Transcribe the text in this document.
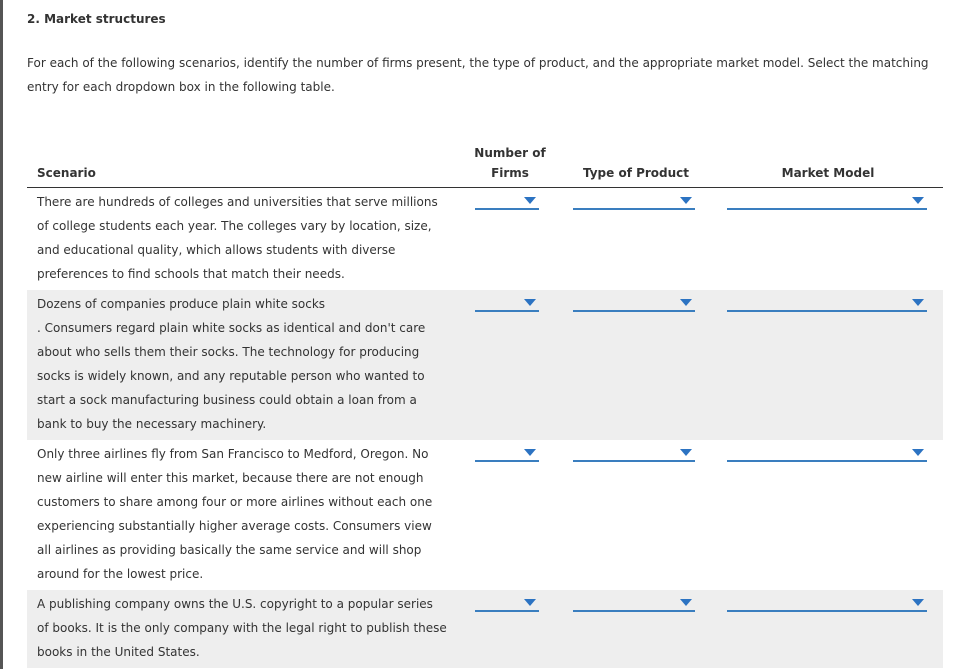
2. Market structures
For each of the following scenarios, identify the number of firms present, the type of product, and the appropriate market model. Select the matching entry for each dropdown box in the following table.
Scenario
Number of
Firms	Type of Product	Market Model
There are hundreds of colleges and universities that serve millions of college students each year. The colleges vary by location, size, and educational quality, which allows students with diverse preferences to find schools that match their needs.
Dozens of companies produce plain white socks
. Consumers regard plain white socks as identical and don't care about who sells them their socks. The technology for producing socks is widely known, and any reputable person who wanted to start a sock manufacturing business could obtain a loan from a bank to buy the necessary machinery.
Only three airlines fly from San Francisco to Medford, Oregon. No new airline will enter this market, because there are not enough customers to share among four or more airlines without each one experiencing substantially higher average costs. Consumers view all airlines as providing basically the same service and will shop around for the lowest price.
A publishing company owns the U.S. copyright to a popular series of books. It is the only company with the legal right to publish these books in the United States.
